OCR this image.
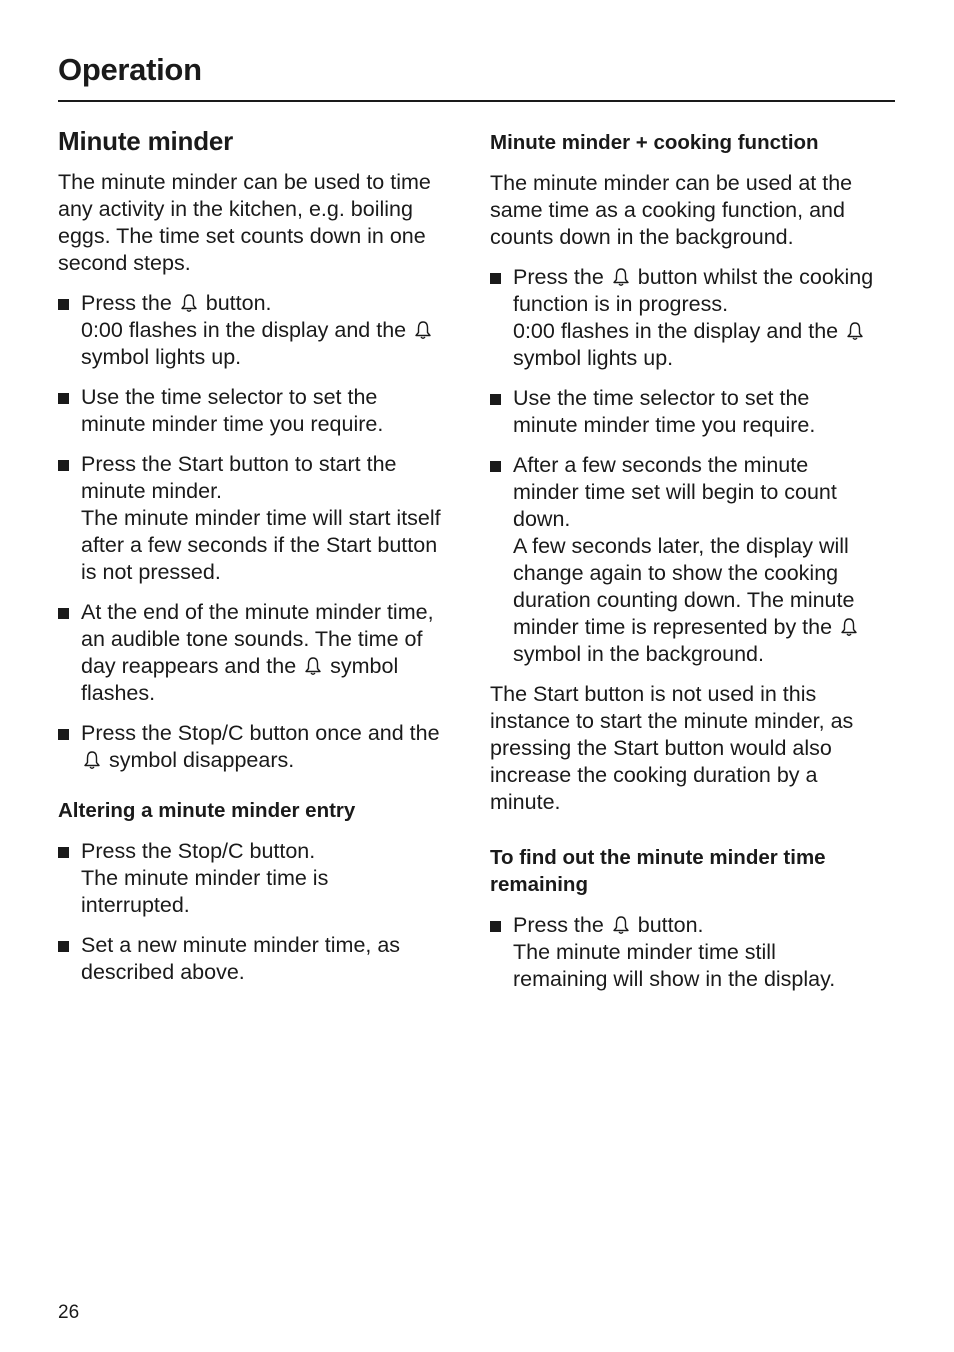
Operation
Minute minder

The minute minder can be used to time
any activity in the kitchen, e.g. boiling
eggs. The time set counts down in one
second steps.

Press the  button.
0:00 flashes in the display and the
symbol lights up.
Use the time selector to set the
minute minder time you require.
Press the Start button to start the
minute minder.
The minute minder time will start itself
after a few seconds if the Start button
is not pressed.
At the end of the minute minder time,
an audible tone sounds. The time of
day reappears and the  symbol
flashes.
Press the Stop/C button once and the
symbol disappears.
Altering a minute minder entry
Press the Stop/C button.
The minute minder time is
interrupted.
Set a new minute minder time, as
described above.
Minute minder + cooking function

The minute minder can be used at the
same time as a cooking function, and
counts down in the background.

Press the  button whilst the cooking
function is in progress.
0:00 flashes in the display and the
symbol lights up.
Use the time selector to set the
minute minder time you require.
After a few seconds the minute
minder time set will begin to count
down.
A few seconds later, the display will
change again to show the cooking
duration counting down. The minute
minder time is represented by the
symbol in the background.

The Start button is not used in this
instance to start the minute minder, as
pressing the Start button would also
increase the cooking duration by a
minute.

To find out the minute minder time
remaining
Press the  button.
The minute minder time still
remaining will show in the display.
26
